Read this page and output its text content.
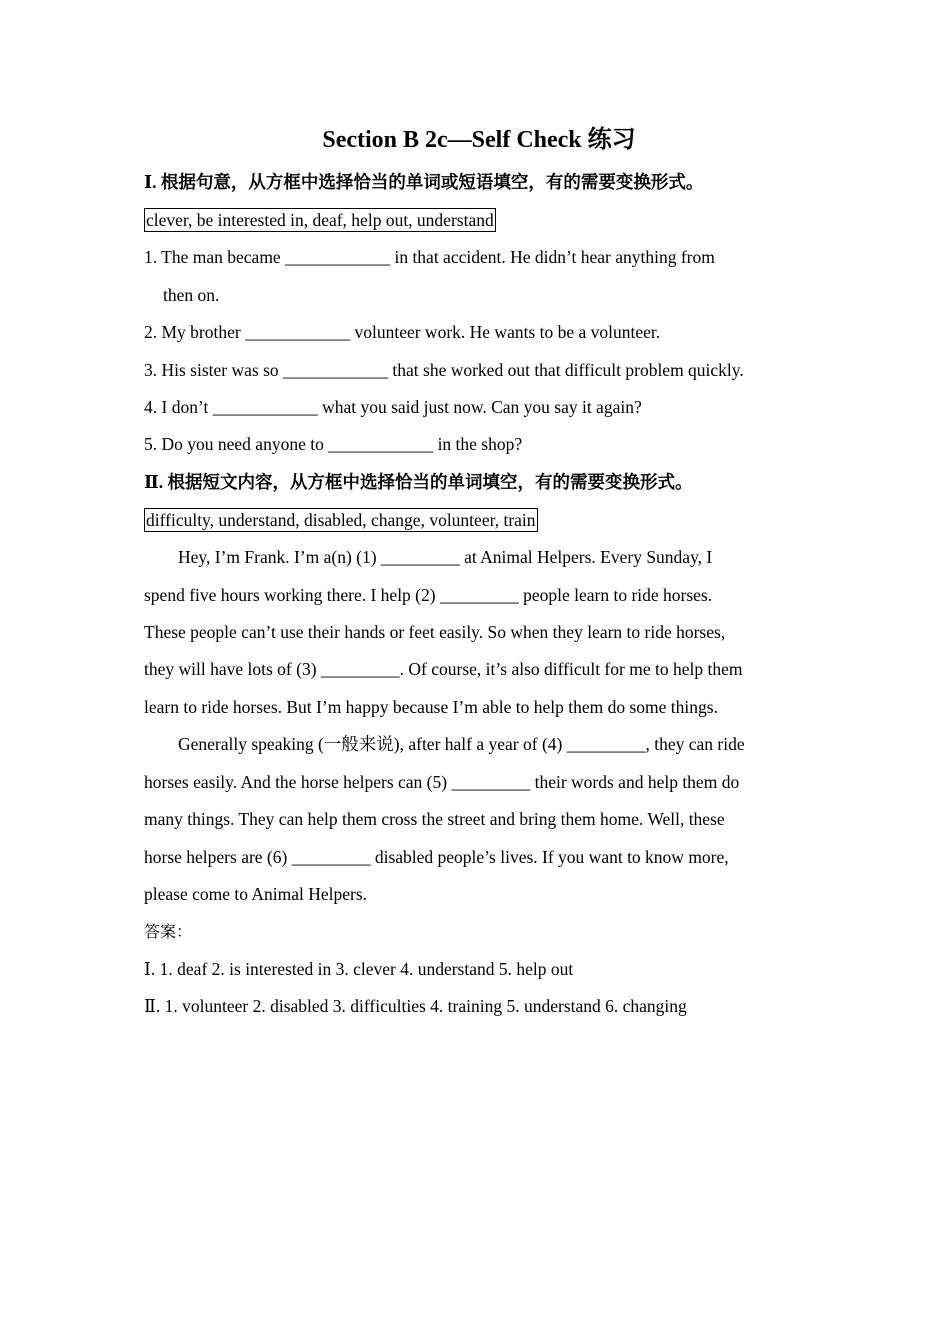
Section B 2c—Self Check 练习
Ⅰ. 根据句意，从方框中选择恰当的单词或短语填空，有的需要变换形式。
clever, be interested in, deaf, help out, understand
1. The man became ____________ in that accident. He didn’t hear anything from
then on.
2. My brother ____________ volunteer work. He wants to be a volunteer.
3. His sister was so ____________ that she worked out that difficult problem quickly.
4. I don’t ____________ what you said just now. Can you say it again?
5. Do you need anyone to ____________ in the shop?
Ⅱ. 根据短文内容，从方框中选择恰当的单词填空，有的需要变换形式。
difficulty, understand, disabled, change, volunteer, train
Hey, I’m Frank. I’m a(n) (1) _________ at Animal Helpers. Every Sunday, I
spend five hours working there. I help (2) _________ people learn to ride horses.
These people can’t use their hands or feet easily. So when they learn to ride horses,
they will have lots of (3) _________. Of course, it’s also difficult for me to help them
learn to ride horses. But I’m happy because I’m able to help them do some things.
Generally speaking (一般来说), after half a year of (4) _________, they can ride
horses easily. And the horse helpers can (5) _________ their words and help them do
many things. They can help them cross the street and bring them home. Well, these
horse helpers are (6) _________ disabled people’s lives. If you want to know more,
please come to Animal Helpers.
答案：
Ⅰ. 1. deaf 2. is interested in 3. clever 4. understand 5. help out
Ⅱ. 1. volunteer 2. disabled 3. difficulties 4. training 5. understand 6. changing
